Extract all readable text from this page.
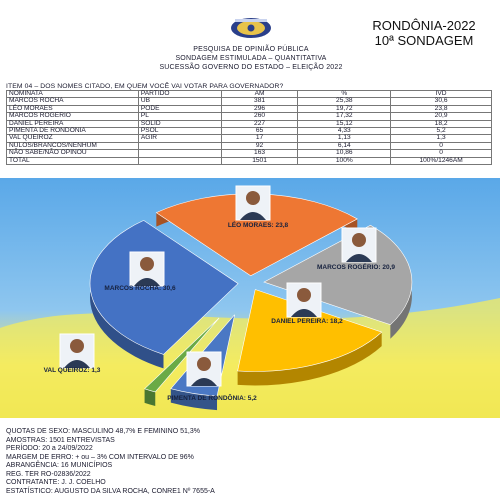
RONDÔNIA-2022
10ª SONDAGEM
PESQUISA DE OPINIÃO PÚBLICA
SONDAGEM ESTIMULADA – QUANTITATIVA
SUCESSÃO GOVERNO DO ESTADO – ELEIÇÃO 2022
ITEM 04 – DOS NOMES CITADO, EM QUEM VOCÊ VAI VOTAR PARA GOVERNADOR?
NOMINATA	PARTIDO	AM	%	IVD
MARCOS ROCHA	UB	381	25,38	30,6
LÉO MORAES	PODE	296	19,72	23,8
MARCOS ROGERIO	PL	260	17,32	20,9
DANIEL PEREIRA	SOLID	227	15,12	18,2
PIMENTA DE RONDONIA	PSOL	65	4,33	5,2
VAL QUEIROZ	AGIR	17	1,13	1,3
NULOS/BRANCOS/NENHUM		92	6,14	0
NÃO SABE/NÃO OPINOU		163	10,86	0
TOTAL		1501	100%	100%/1246AM
LÉO MORAES: 23,8
MARCOS ROGÉRIO: 20,9
DANIEL PEREIRA: 18,2
PIMENTA DE RONDÔNIA: 5,2
VAL QUEIROZ: 1,3
MARCOS ROCHA: 30,6
QUOTAS DE SEXO: MASCULINO 48,7% E FEMININO 51,3%
AMOSTRAS: 1501 ENTREVISTAS
PERÍODO: 20 a 24/09/2022
MARGEM DE ERRO: + ou – 3% COM INTERVALO DE 96%
ABRANGÊNCIA: 16 MUNICÍPIOS
REG. TER RO-02836/2022
CONTRATANTE: J. J. COELHO
ESTATÍSTICO: AUGUSTO DA SILVA ROCHA, CONRE1 Nº 7655-A
